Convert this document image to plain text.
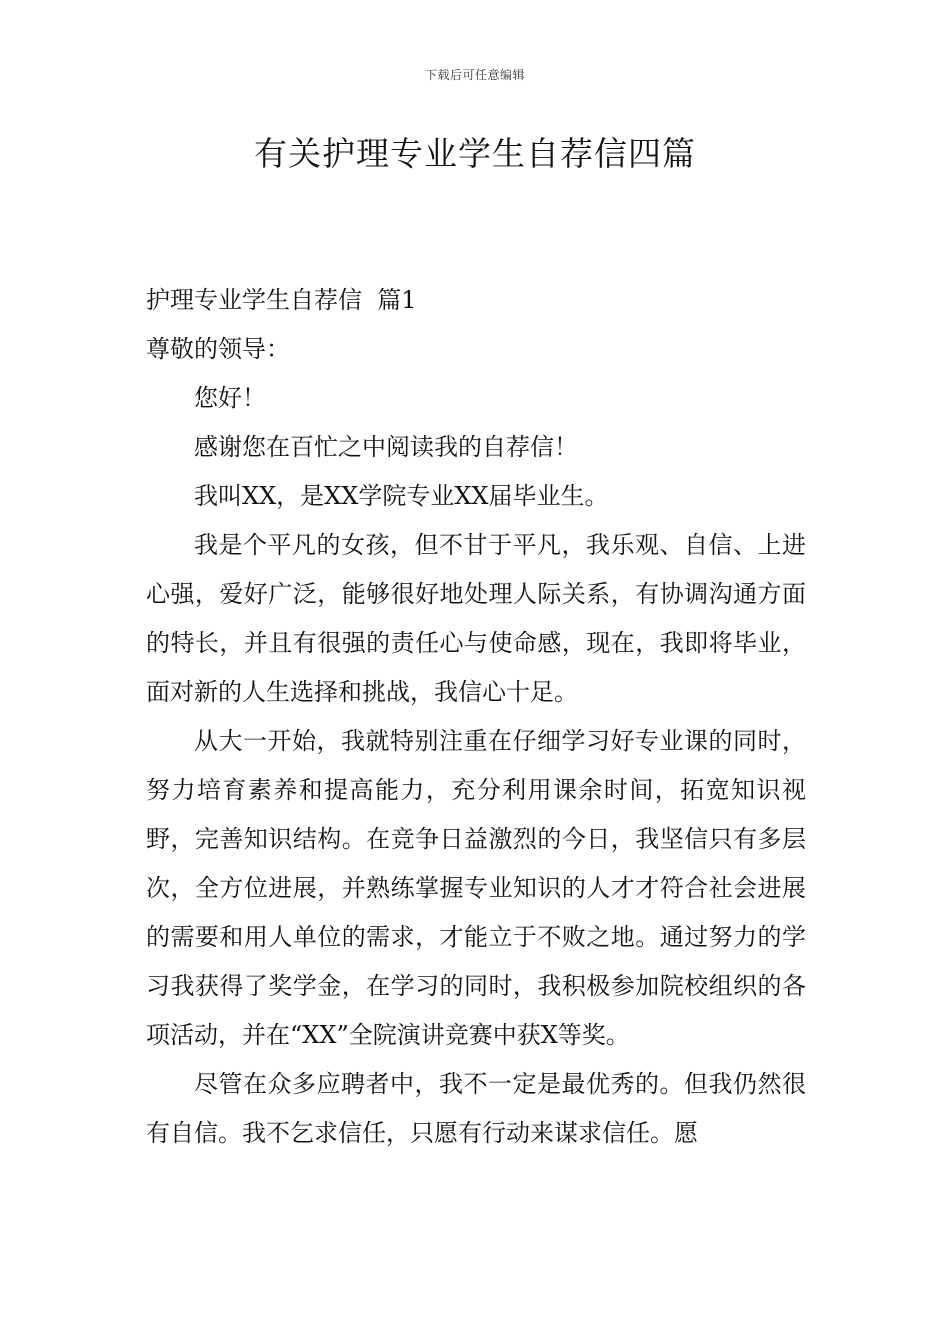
下载后可任意编辑
有关护理专业学生自荐信四篇

护理专业学生自荐信  篇1

尊敬的领导：

您好！

感谢您在百忙之中阅读我的自荐信！

我叫XX，是XX学院专业XX届毕业生。

我是个平凡的女孩，但不甘于平凡，我乐观、自信、上进心强，爱好广泛，能够很好地处理人际关系，有协调沟通方面的特长，并且有很强的责任心与使命感，现在，我即将毕业，面对新的人生选择和挑战，我信心十足。

从大一开始，我就特别注重在仔细学习好专业课的同时，努力培育素养和提高能力，充分利用课余时间，拓宽知识视野，完善知识结构。在竞争日益激烈的今日，我坚信只有多层次，全方位进展，并熟练掌握专业知识的人才才符合社会进展的需要和用人单位的需求，才能立于不败之地。通过努力的学习我获得了奖学金，在学习的同时，我积极参加院校组织的各项活动，并在“XX”全院演讲竞赛中获X等奖。

尽管在众多应聘者中，我不一定是最优秀的。但我仍然很有自信。我不乞求信任，只愿有行动来谋求信任。愿
